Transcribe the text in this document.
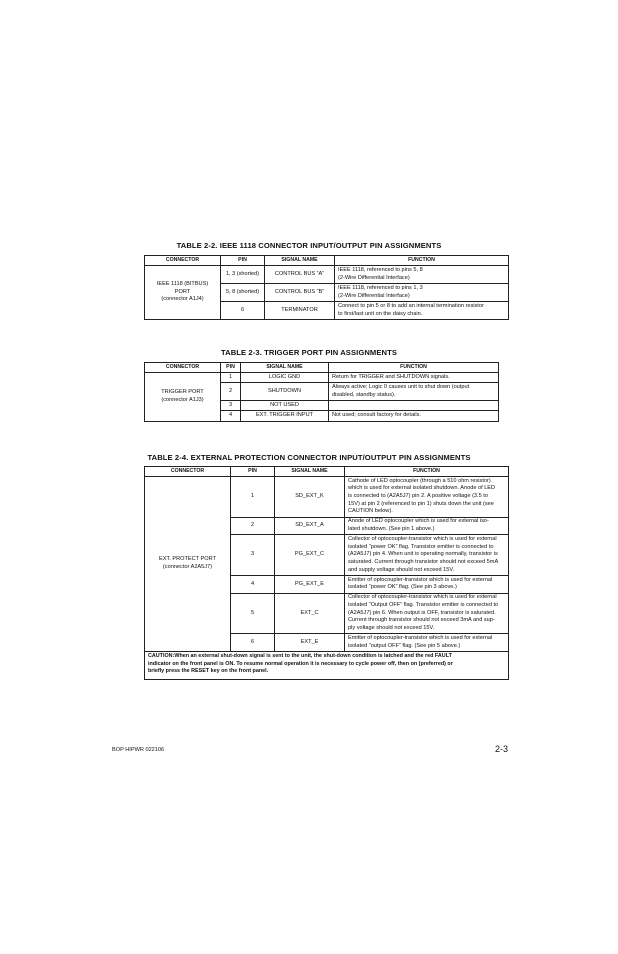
TABLE 2-2. IEEE 1118 CONNECTOR INPUT/OUTPUT PIN ASSIGNMENTS
CONNECTOR	PIN	SIGNAL NAME	FUNCTION

IEEE 1118 (BITBUS)
PORT
(connector A1J4)	1, 3 (shorted)	CONTROL BUS “A”	IEEE 1118, referenced to pins 5, 8
(2-Wire Differential Interface)

	5, 8 (shorted)	CONTROL BUS “B”	IEEE 1118, referenced to pins 1, 3
(2-Wire Differential Interface)

	6	TERMINATOR	Connect to pin 5 or 8 to add an internal termination resistor
to first/last unit on the daisy chain.
TABLE 2-3. TRIGGER PORT PIN ASSIGNMENTS
CONNECTOR	PIN	SIGNAL NAME	FUNCTION

TRIGGER PORT
(connector A1J3)	1	LOGIC GND	Return for TRIGGER and SHUTDOWN signals.
	2	SHUTDOWN	Always active; Logic 0 causes unit to shut down (output
disabled, standby status).

	3	NOT USED	
	4	EXT. TRIGGER INPUT	Not used; consult factory for details.
TABLE 2-4. EXTERNAL PROTECTION CONNECTOR INPUT/OUTPUT PIN ASSIGNMENTS
CONNECTOR	PIN	SIGNAL NAME	FUNCTION

EXT. PROTECT PORT
(connector A2A5J7)	1	SD_EXT_K	Cathode of LED optocoupler (through a 510 ohm resistor)
which is used for external isolated shutdown. Anode of LED
is connected to (A2A5J7) pin 2. A positive voltage (3.5 to
15V) at pin 2 (referenced to pin 1) shuts down the unit (see
CAUTION below).

	2	SD_EXT_A	Anode of LED optocoupler which is used for external iso-
lated shutdown. (See pin 1 above.)

	3	PG_EXT_C	Collector of optocoupler-transistor which is used for external
isolated “power OK” flag. Transistor emitter is connected to
(A2A5J7) pin 4. When unit is operating normally, transistor is
saturated. Current through transistor should not exceed 5mA
and supply voltage should not exceed 15V.

	4	PG_EXT_E	Emitter of optocoupler-transistor which is used for external
isolated “power OK” flag. (See pin 3 above.)

	5	EXT_C	Collector of optocoupler-transistor which is used for external
isolated “Output OFF” flag. Transistor emitter is connected to
(A2A5J7) pin 6. When output is OFF, transistor is saturated.
Current through transistor should not exceed 3mA and sup-
ply voltage should not exceed 15V.

	6	EXT_E	Emitter of optocoupler-transistor which is used for external
isolated “output OFF” flag. (See pin 5 above.)

CAUTION:When an external shut-down signal is sent to the unit, the shut-down condition is latched and the red FAULT
indicator on the front panel is ON. To resume normal operation it is necessary to cycle power off, then on (preferred) or
briefly press the RESET key on the front panel.			
BOP HIPWR 022106	2-3
